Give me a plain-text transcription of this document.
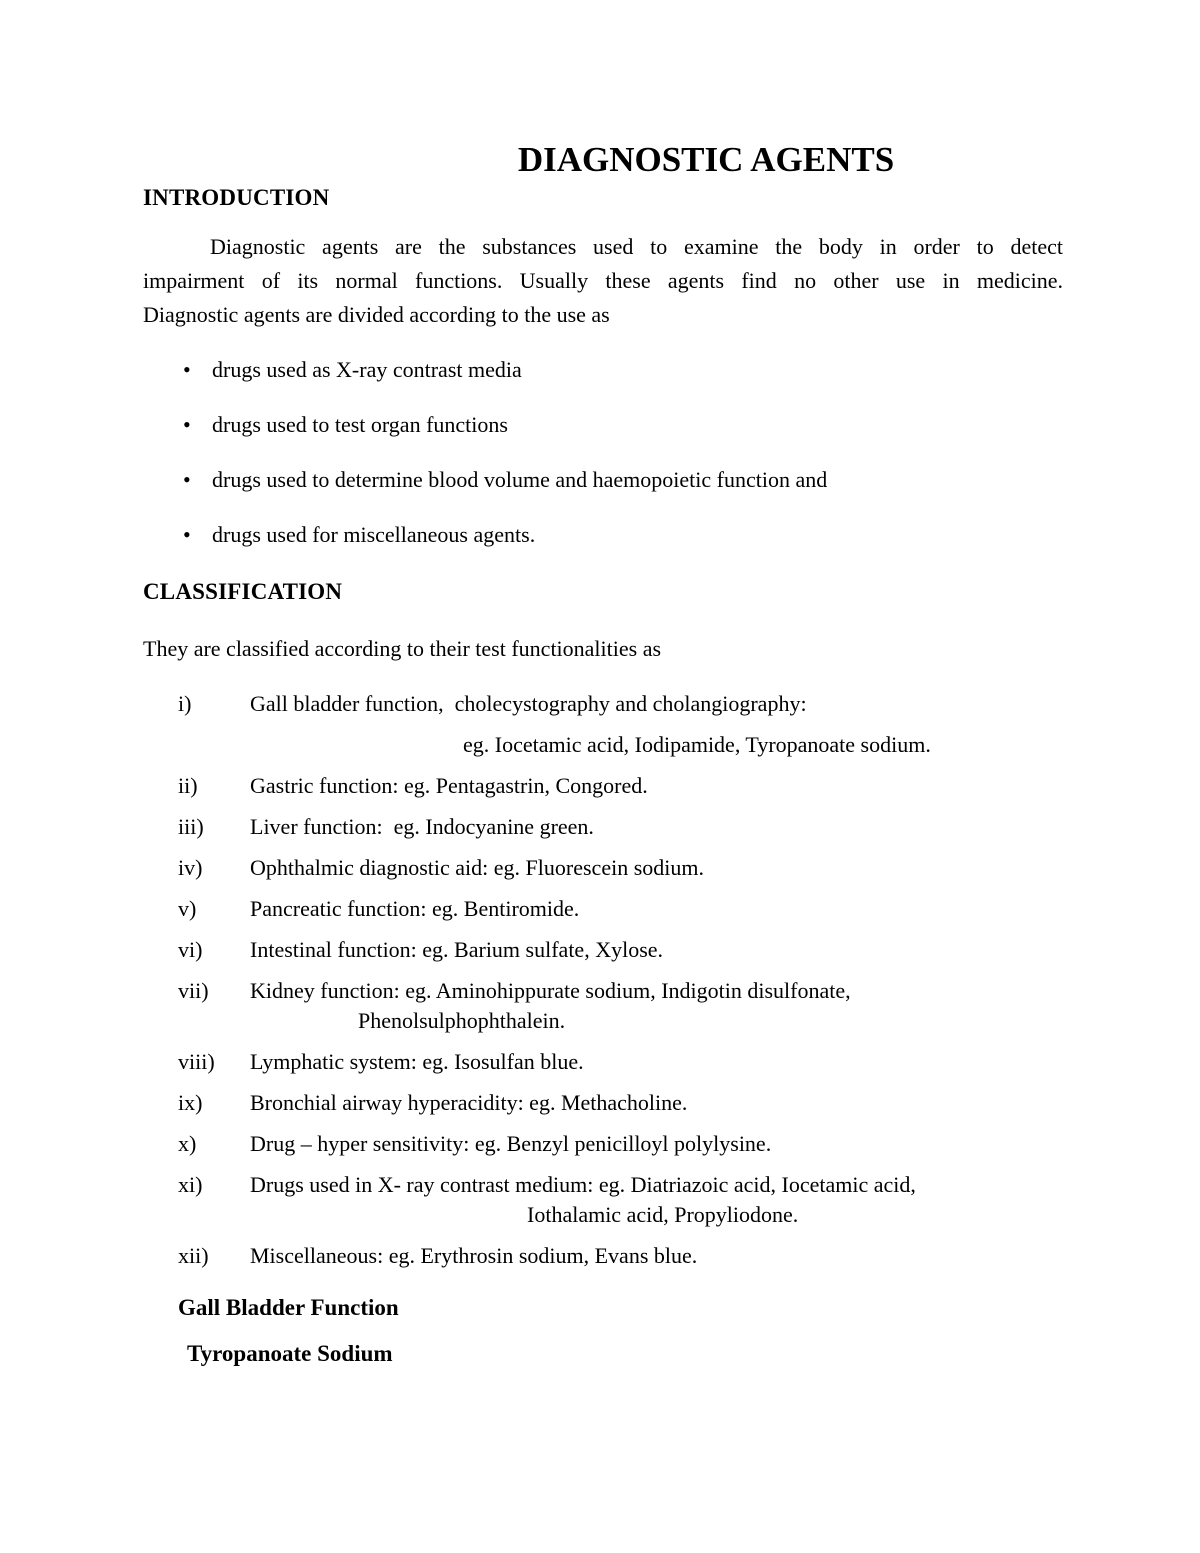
DIAGNOSTIC AGENTS
INTRODUCTION
Diagnostic agents are the substances used to examine the body in order to detect
impairment of its normal functions. Usually these agents find no other use in medicine.
Diagnostic agents are divided according to the use as
• drugs used as X-ray contrast media
• drugs used to test organ functions
• drugs used to determine blood volume and haemopoietic function and
• drugs used for miscellaneous agents.
CLASSIFICATION
They are classified according to their test functionalities as
i)	Gall bladder function,  cholecystography and cholangiography:
eg. Iocetamic acid, Iodipamide, Tyropanoate sodium.
ii) Gastric function: eg. Pentagastrin, Congored.
iii) Liver function:  eg. Indocyanine green.
iv) Ophthalmic diagnostic aid: eg. Fluorescein sodium.
v) Pancreatic function: eg. Bentiromide.
vi) Intestinal function: eg. Barium sulfate, Xylose.
vii) Kidney function: eg. Aminohippurate sodium, Indigotin disulfonate,
Phenolsulphophthalein.
viii) Lymphatic system: eg. Isosulfan blue.
ix) Bronchial airway hyperacidity: eg. Methacholine.
x) Drug – hyper sensitivity: eg. Benzyl penicilloyl polylysine.
xi) Drugs used in X- ray contrast medium: eg. Diatriazoic acid, Iocetamic acid,
Iothalamic acid, Propyliodone.
xii) Miscellaneous: eg. Erythrosin sodium, Evans blue.
Gall Bladder Function
Tyropanoate Sodium
